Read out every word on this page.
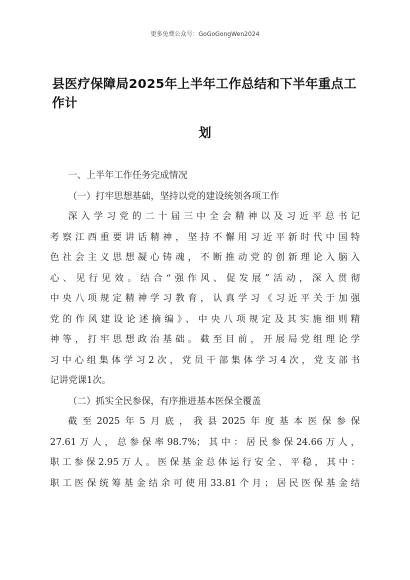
更多免费公众号：GoGoGongWen2024
县医疗保障局2025年上半年工作总结和下半年重点工作计
划
一、上半年工作任务完成情况
（一）打牢思想基础，坚持以党的建设统领各项工作
深入学习党的二十届三中全会精神以及习近平总书记
考察江西重要讲话精神，坚持不懈用习近平新时代中国特
色社会主义思想凝心铸魂，不断推动党的创新理论入脑入
心、见行见效。结合“强作风、促发展”活动，深入贯彻
中央八项规定精神学习教育，认真学习《习近平关于加强
党的作风建设论述摘编》、中央八项规定及其实施细则精
神等，打牢思想政治基础。截至目前，开展局党组理论学
习中心组集体学习2次，党员干部集体学习4次，党支部书
记讲党课1次。
（二）抓实全民参保，有序推进基本医保全覆盖
截至2025年5月底，我县2025年度基本医保参保
27.61万人，总参保率98.7%；其中：居民参保24.66万人，
职工参保2.95万人。医保基金总体运行安全、平稳，其中：
职工医保统筹基金结余可使用33.81个月；居民医保基金结
